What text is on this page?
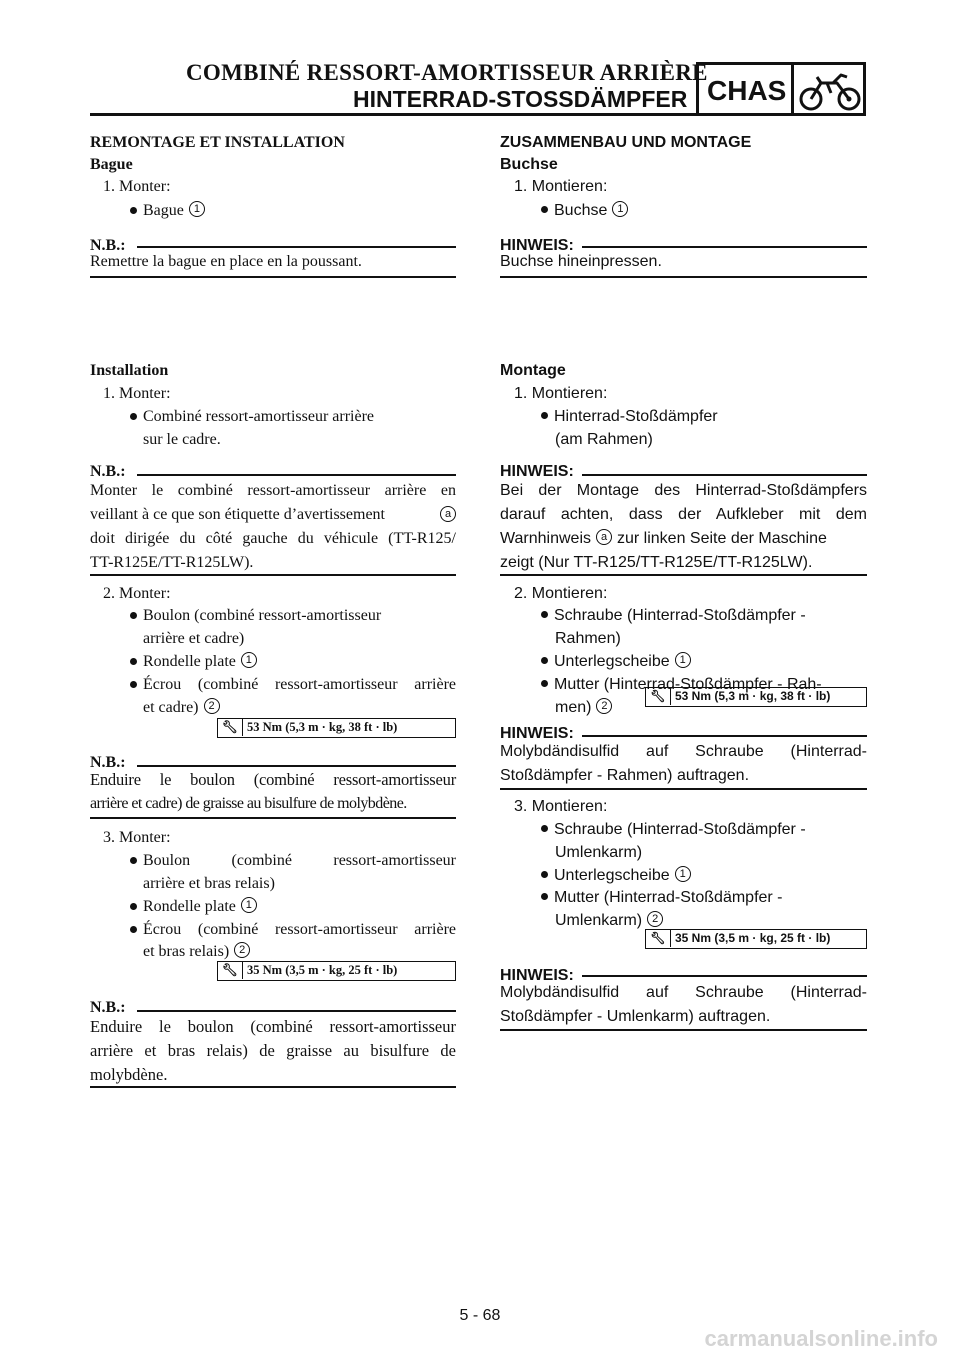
COMBINÉ RESSORT-AMORTISSEUR ARRIÈRE
HINTERRAD-STOSSDÄMPFER CHAS
REMONTAGE ET INSTALLATION
Bague
1. Monter:
Bague 1
N.B.:
Remettre la bague en place en la poussant.
Installation
1. Monter:
Combiné ressort-amortisseur arrière
sur le cadre.
N.B.:
Monter le combiné ressort-amortisseur arrière en
veillant à ce que son étiquette d’avertissement	a
doit dirigée du côté gauche du véhicule (TT-R125/
TT-R125E/TT-R125LW).
2. Monter:
Boulon (combiné ressort-amortisseur
arrière et cadre)
Rondelle plate 1
Écrou (combiné ressort-amortisseur arrière
et cadre) 2
🔧︎ 53 Nm (5,3 m · kg, 38 ft · lb)
N.B.:
Enduire le boulon (combiné ressort-amortisseur
arrière et cadre) de graisse au bisulfure de molybdène.
3. Monter:
Boulon (combiné ressort-amortisseur
arrière et bras relais)
Rondelle plate 1
Écrou (combiné ressort-amortisseur arrière
et bras relais) 2
🔧︎ 35 Nm (3,5 m · kg, 25 ft · lb)
N.B.:
Enduire le boulon (combiné ressort-amortisseur
arrière et bras relais) de graisse au bisulfure de
molybdène.
ZUSAMMENBAU UND MONTAGE
Buchse
1. Montieren:
Buchse 1
HINWEIS:
Buchse hineinpressen.
Montage
1. Montieren:
Hinterrad-Stoßdämpfer
(am Rahmen)
HINWEIS:
Bei der Montage des Hinterrad-Stoßdämpfers
darauf achten, dass der Aufkleber mit dem
Warnhinweis a zur linken Seite der Maschine
zeigt (Nur TT-R125/TT-R125E/TT-R125LW).
2. Montieren:
Schraube (Hinterrad-Stoßdämpfer -
Rahmen)
Unterlegscheibe 1
Mutter (Hinterrad-Stoßdämpfer - Rah-
men) 2
🔧︎ 53 Nm (5,3 m · kg, 38 ft · lb)
HINWEIS:
Molybdändisulfid auf Schraube (Hinterrad-
Stoßdämpfer - Rahmen) auftragen.
3. Montieren:
Schraube (Hinterrad-Stoßdämpfer -
Umlenkarm)
Unterlegscheibe 1
Mutter (Hinterrad-Stoßdämpfer -
Umlenkarm) 2
🔧︎ 35 Nm (3,5 m · kg, 25 ft · lb)
HINWEIS:
Molybdändisulfid auf Schraube (Hinterrad-
Stoßdämpfer - Umlenkarm) auftragen.
5 - 68
carmanualsonline.info
